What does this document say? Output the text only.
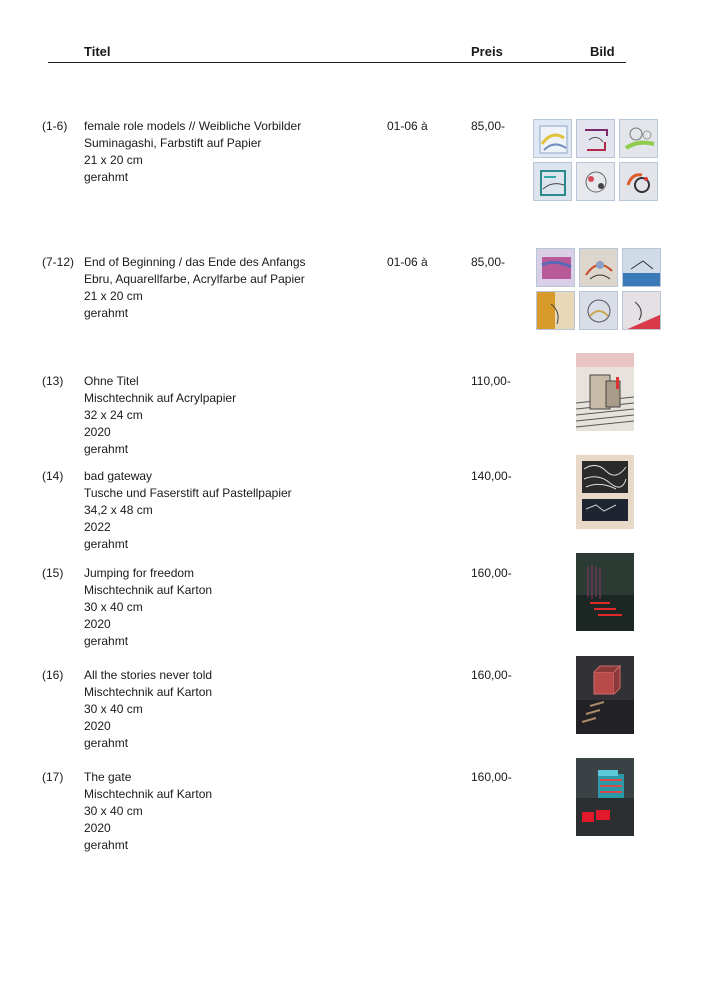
Titel	Preis	Bild
(1-6) female role models // Weibliche Vorbilder
Suminagashi, Farbstift auf Papier
21 x 20 cm
gerahmt
01-06 à	85,00-
(7-12) End of Beginning / das Ende des Anfangs
Ebru, Aquarellfarbe, Acrylfarbe auf Papier
21 x 20 cm
gerahmt
01-06 à	85,00-
(13) Ohne Titel
Mischtechnik auf Acrylpapier
32 x 24 cm
2020
gerahmt
110,00-
(14) bad gateway
Tusche und Faserstift auf Pastellpapier
34,2 x 48 cm
2022
gerahmt
140,00-
(15) Jumping for freedom
Mischtechnik auf Karton
30 x 40 cm
2020
gerahmt
160,00-
(16) All the stories never told
Mischtechnik auf Karton
30 x 40 cm
2020
gerahmt
160,00-
(17) The gate
Mischtechnik auf Karton
30 x 40 cm
2020
gerahmt
160,00-
